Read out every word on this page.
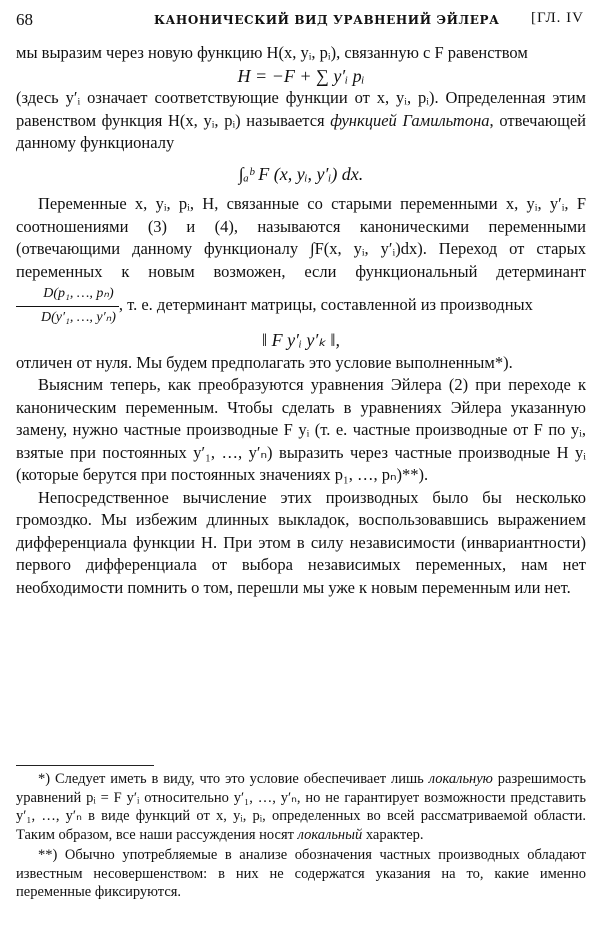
68	КАНОНИЧЕСКИЙ ВИД УРАВНЕНИЙ ЭЙЛЕРА [ГЛ. IV

мы выразим через новую функцию H(x, yᵢ, pᵢ), связанную с F равенством

H = −F + ∑ y′ᵢ pᵢ

(здесь y′ᵢ означает соответствующие функции от x, yᵢ, pᵢ). Определенная этим равенством функция H(x, yᵢ, pᵢ) называется функцией Гамильтона, отвечающей данному функционалу

∫ₐᵇ F (x, yᵢ, y′ᵢ) dx.

Переменные x, yᵢ, pᵢ, H, связанные со старыми переменными x, yᵢ, y′ᵢ, F соотношениями (3) и (4), называются каноническими переменными (отвечающими данному функционалу ∫F(x, yᵢ, y′ᵢ)dx). Переход от старых переменных к новым возможен, если функциональный детерминант
$\frac{\text{D(p₁, …, pₙ)}}{\text{D(y′₁, …, y′ₙ)}}$ , т. е. детерминант матрицы, составленной из производных

‖ F y′ᵢ y′ₖ ‖,

отличен от нуля. Мы будем предполагать это условие выполненным*).

Выясним теперь, как преобразуются уравнения Эйлера (2) при переходе к каноническим переменным. Чтобы сделать в уравнениях Эйлера указанную замену, нужно частные производные F yᵢ (т. е. частные производные от F по yᵢ, взятые при постоянных y′₁, …, y′ₙ) выразить через частные производные H yᵢ (которые берутся при постоянных значениях p₁, …, pₙ)**).

Непосредственное вычисление этих производных было бы несколько громоздко. Мы избежим длинных выкладок, воспользовавшись выражением дифференциала функции H. При этом в силу независимости (инвариантности) первого дифференциала от выбора независимых переменных, нам нет необходимости помнить о том, перешли мы уже к новым переменным или нет.

*) Следует иметь в виду, что это условие обеспечивает лишь локальную разрешимость уравнений pᵢ = F y′ᵢ относительно y′₁, …, y′ₙ, но не гарантирует возможности представить y′₁, …, y′ₙ в виде функций от x, yᵢ, pᵢ, определенных во всей рассматриваемой области. Таким образом, все наши рассуждения носят локальный характер.

**) Обычно употребляемые в анализе обозначения частных производных обладают известным несовершенством: в них не содержатся указания на то, какие именно переменные фиксируются.
